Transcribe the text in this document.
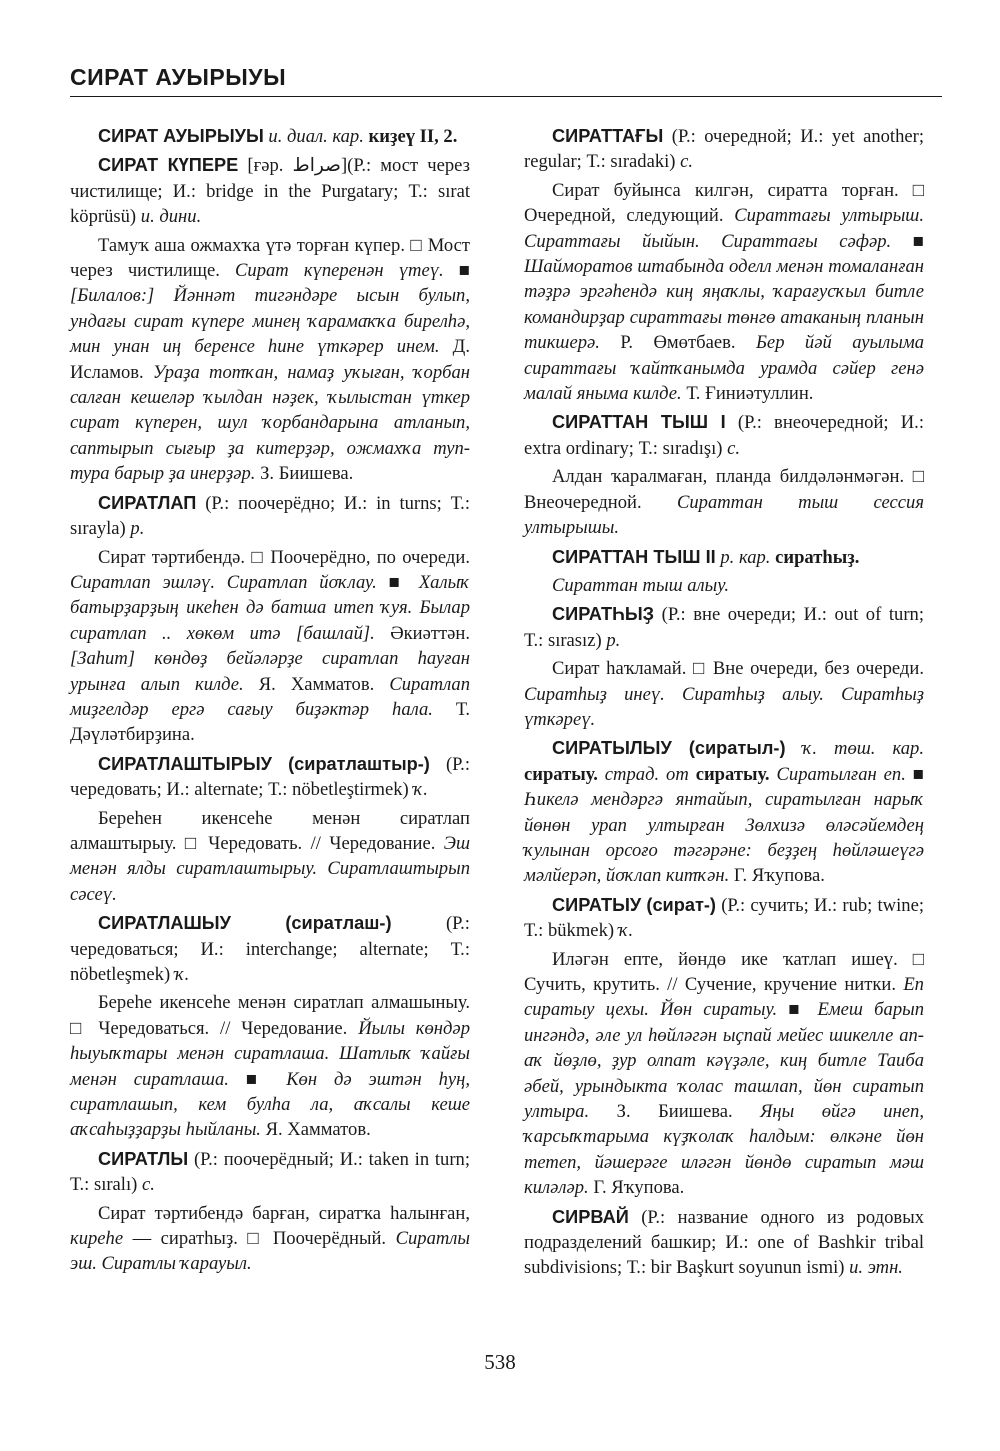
СИРАТ АУЫРЫУЫ

СИРАТ АУЫРЫУЫ и. диал. кар. киҙеү II, 2.

СИРАТ КҮПЕРЕ [ғәр. صراط](Р.: мост через чистилище; И.: bridge in the Purgatary; Т.: sırat köprüsü) и. дини.

Тамуҡ аша ожмахҡа үтә торған күпер. □ Мост через чистилище. Сират күперенән үтеү. ■ [Билалов:] Йәннәт тигәндәре ысын булып, ундағы сират күпере минең ҡарамаҡҡа бирелһә, мин унан иң беренсе һине үткәрер инем. Д. Исламов. Ураҙа тотҡан, намаҙ уҡыған, ҡорбан салған кешеләр ҡылдан нәҙек, ҡылыстан үткер сират күперен, шул ҡорбандарына атланып, саптырып сығыр ҙа китерҙәр, ожмахҡа туп-тура барыр ҙа инерҙәр. З. Биишева.

СИРАТЛАП (Р.: поочерёдно; И.: in turns; Т.: sırayla) р.

Сират тәртибендә. □ Поочерёдно, по очереди. Сиратлап эшләү. Сиратлап йоҡлау. ■ Халыҡ батырҙарҙың икеһен дә батша итеп ҡуя. Былар сиратлап .. хөкөм итә [башлай]. Әкиәттән. [Заһит] көндөҙ бейәләрҙе сиратлап һауған урынға алып килде. Я. Хамматов. Сиратлап миҙгелдәр ергә сағыу биҙәктәр һала. Т. Дәүләтбирҙина.

СИРАТЛАШТЫРЫУ (сиратлаштыр-) (Р.: чередовать; И.: alternate; Т.: nöbetleştirmek) ҡ.

Береһен икенсеһе менән сиратлап алмаштырыу. □ Чередовать. // Чередование. Эш менән ялды сиратлаштырыу. Сиратлаштырып сәсеү.

СИРАТЛАШЫУ	(сиратлаш-)	(Р.: чередоваться; И.: interchange; alternate; Т.: nöbetleşmek) ҡ.

Береһе икенсеһе менән сиратлап алмашыныу. □ Чередоваться. // Чередование. Йылы көндәр һыуыҡтары менән сиратлаша. Шатлыҡ ҡайғы менән сиратлаша. ■ Көн дә эштән һуң, сиратлашып, кем булһа ла, аҡсалы кеше аҡсаһыҙҙарҙы һыйланы. Я. Хамматов.

СИРАТЛЫ (Р.: поочерёдный; И.: taken in turn; Т.: sıralı) с.

Сират тәртибендә барған, сиратҡа һалынған, киреһе — сиратһыҙ. □ Поочерёдный. Сиратлы эш. Сиратлы ҡарауыл.

СИРАТТАҒЫ (Р.: очередной; И.: yet another; regular; Т.: sıradaki) с.

Сират буйынса килгән, сиратта торған. □ Очередной, следующий. Сираттағы ултырыш. Сираттағы йыйын. Сираттағы сәфәр. ■ Шайморатов штабында оделл менән томаланған тәҙрә эргәһендә киң яңаҡлы, ҡарағусҡыл битле командирҙар сираттағы төнгө атаканың планын тикшерә. Р. Өмөтбаев. Бер йәй ауылыма сираттағы ҡайтҡанымда урамда сәйер генә малай яныма килде. Т. Ғиниәтуллин.

СИРАТТАН ТЫШ I (Р.: внеочередной; И.: extra ordinary; Т.: sıradışı) с.

Алдан ҡаралмаған, планда билдәләнмәгән. □ Внеочередной. Сираттан тыш сессия ултырышы.

СИРАТТАН ТЫШ II р. кар. сиратһыҙ.

Сираттан тыш алыу.

СИРАТҺЫҘ (Р.: вне очереди; И.: out of turn; Т.: sırasız) р.

Сират һаҡламай. □ Вне очереди, без очереди. Сиратһыҙ инеү. Сиратһыҙ алыу. Сиратһыҙ үткәреү.

СИРАТЫЛЫУ (сиратыл-) ҡ. төш. кар. сиратыу. страд. от сиратыу. Сиратылған еп. ■ Һикелә мендәргә янтайып, сиратылған нарыҡ йөнөн урап ултырған Зөлхизә өләсәйемдең ҡулынан орсоғо тәгәрәне: беҙҙең һөйләшеүгә мәлйерәп, йоҡлап китҡән. Г. Яҡупова.

СИРАТЫУ (сират-) (Р.: сучить; И.: rub; twine; Т.: bükmek) ҡ.

Иләгән епте, йөндө ике ҡатлап ишеү. □ Сучить, крутить. // Сучение, кручение нитки. Еп сиратыу цехы. Йөн сиратыу. ■ Емеш барып ингәндә, әле ул һөйләгән ыҫпай мейес шикелле ап-аҡ йөҙлө, ҙур олпат кәүҙәле, киң битле Таиба әбей, урындыкта ҡолас ташлап, йөн сиратып ултыра. З. Биишева. Яңы өйгә инеп, ҡарсыҡтарыма күҙҡолаҡ һалдым: өлкәне йөн тетеп, йәшерәге иләгән йөндө сиратып мәш киләләр. Г. Яҡупова.

СИРВАЙ (Р.: название одного из родовых подразделений башкир; И.: one of Bashkir tribal subdivisions; Т.: bir Başkurt soyunun ismi) и. этн.

538
